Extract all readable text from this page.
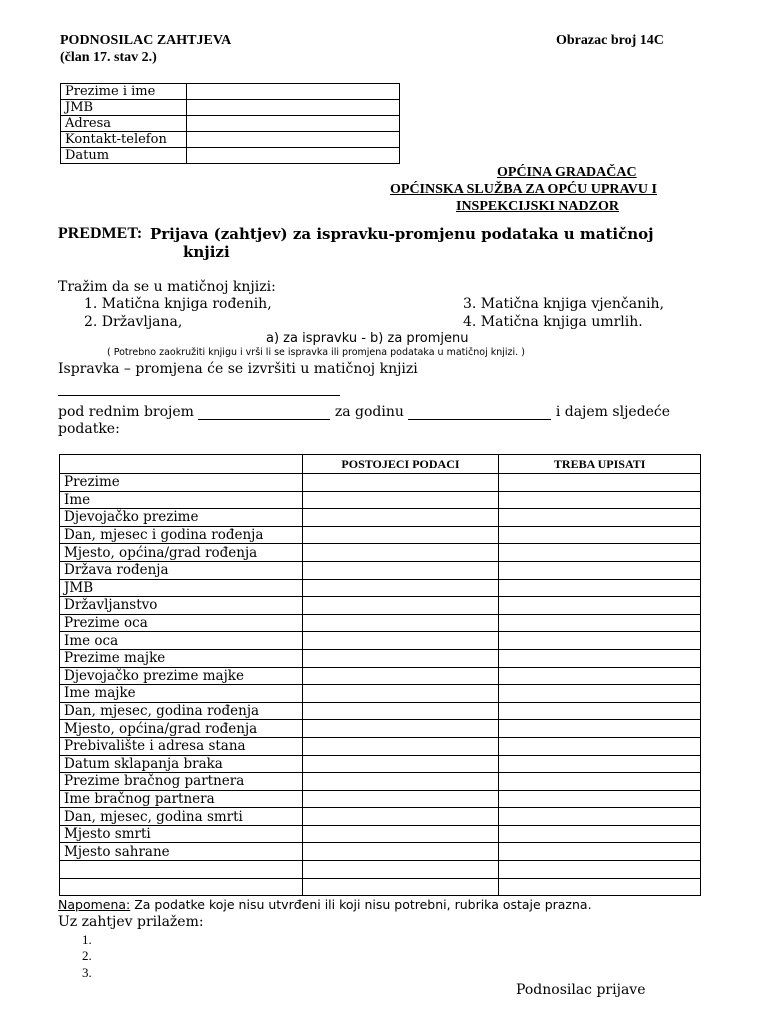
PODNOSILAC ZAHTJEVA
(član 17. stav 2.)
Obrazac broj 14C
Prezime i ime	
JMB	
Adresa	
Kontakt-telefon	
Datum	
OPĆINA GRADAČAC
OPĆINSKA SLUŽBA ZA OPĆU UPRAVU I
INSPEKCIJSKI NADZOR
PREDMET: Prijava (zahtjev) za ispravku-promjenu podataka u matičnoj
knjizi
Tražim da se u matičnoj knjizi:
1. Matična knjiga rođenih,
2. Državljana,
3. Matična knjiga vjenčanih,
4. Matična knjiga umrlih.
a) za ispravku - b) za promjenu
( Potrebno zaokružiti knjigu i vrši li se ispravka ili promjena podataka u matičnoj knjizi. )
Ispravka – promjena će se izvršiti u matičnoj knjizi
pod rednim brojem	za godinu	i dajem sljedeće
podatke:
	POSTOJECI PODACI	TREBA UPISATI
Prezime		
Ime		
Djevojačko prezime		
Dan, mjesec i godina rođenja		
Mjesto, općina/grad rođenja		
Država rođenja		
JMB		
Državljanstvo		
Prezime oca		
Ime oca		
Prezime majke		
Djevojačko prezime majke		
Ime majke		
Dan, mjesec, godina rođenja		
Mjesto, općina/grad rođenja		
Prebivalište i adresa stana		
Datum sklapanja braka		
Prezime bračnog partnera		
Ime bračnog partnera		
Dan, mjesec, godina smrti		
Mjesto smrti		
Mjesto sahrane		

Napomena: Za podatke koje nisu utvrđeni ili koji nisu potrebni, rubrika ostaje prazna.
Uz zahtjev prilažem:
1.
2.
3.
Podnosilac prijave
